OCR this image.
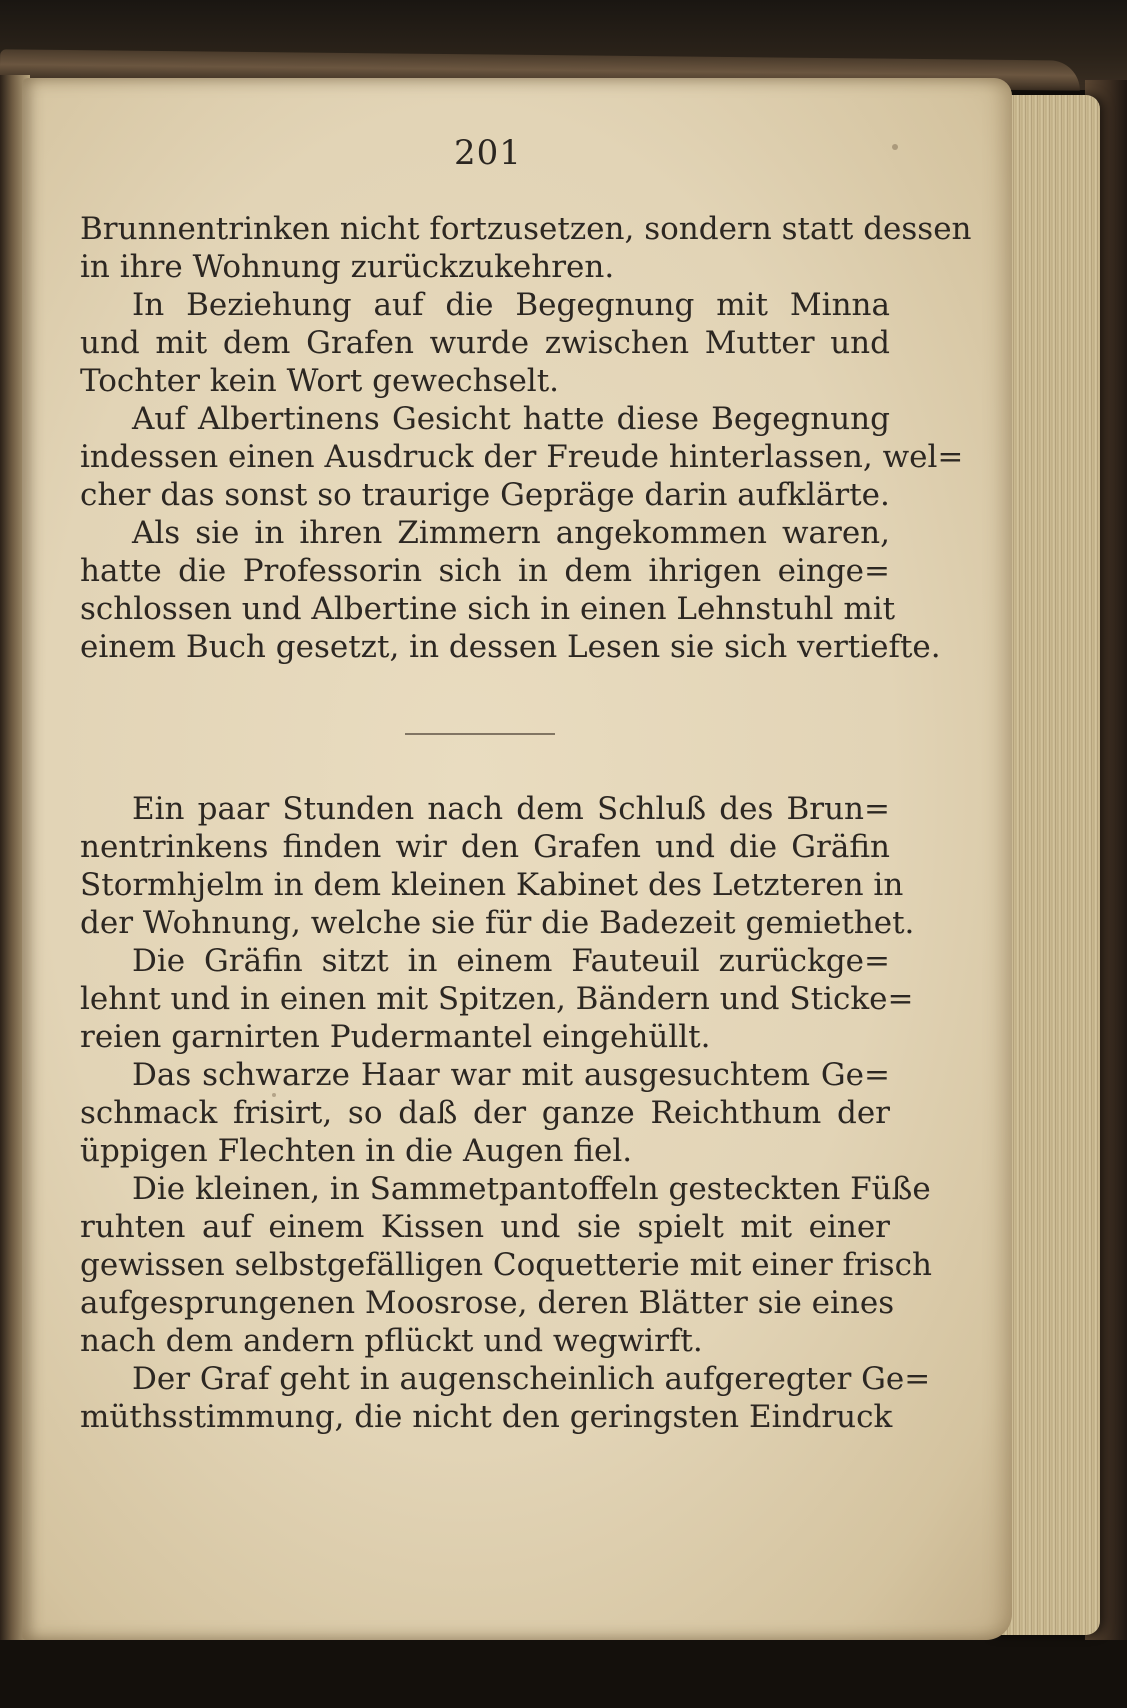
201
Brunnentrinken nicht fortzusetzen, sondern statt dessen
in ihre Wohnung zurückzukehren.
In Beziehung auf die Begegnung mit Minna
und mit dem Grafen wurde zwischen Mutter und
Tochter kein Wort gewechselt.
Auf Albertinens Gesicht hatte diese Begegnung
indessen einen Ausdruck der Freude hinterlassen, wel=
cher das sonst so traurige Gepräge darin aufklärte.
Als sie in ihren Zimmern angekommen waren,
hatte die Professorin sich in dem ihrigen einge=
schlossen und Albertine sich in einen Lehnstuhl mit
einem Buch gesetzt, in dessen Lesen sie sich vertiefte.
Ein paar Stunden nach dem Schluß des Brun=
nentrinkens finden wir den Grafen und die Gräfin
Stormhjelm in dem kleinen Kabinet des Letzteren in
der Wohnung, welche sie für die Badezeit gemiethet.
Die Gräfin sitzt in einem Fauteuil zurückge=
lehnt und in einen mit Spitzen, Bändern und Sticke=
reien garnirten Pudermantel eingehüllt.
Das schwarze Haar war mit ausgesuchtem Ge=
schmack frisirt, so daß der ganze Reichthum der
üppigen Flechten in die Augen fiel.
Die kleinen, in Sammetpantoffeln gesteckten Füße
ruhten auf einem Kissen und sie spielt mit einer
gewissen selbstgefälligen Coquetterie mit einer frisch
aufgesprungenen Moosrose, deren Blätter sie eines
nach dem andern pflückt und wegwirft.
Der Graf geht in augenscheinlich aufgeregter Ge=
müthsstimmung, die nicht den geringsten Eindruck
